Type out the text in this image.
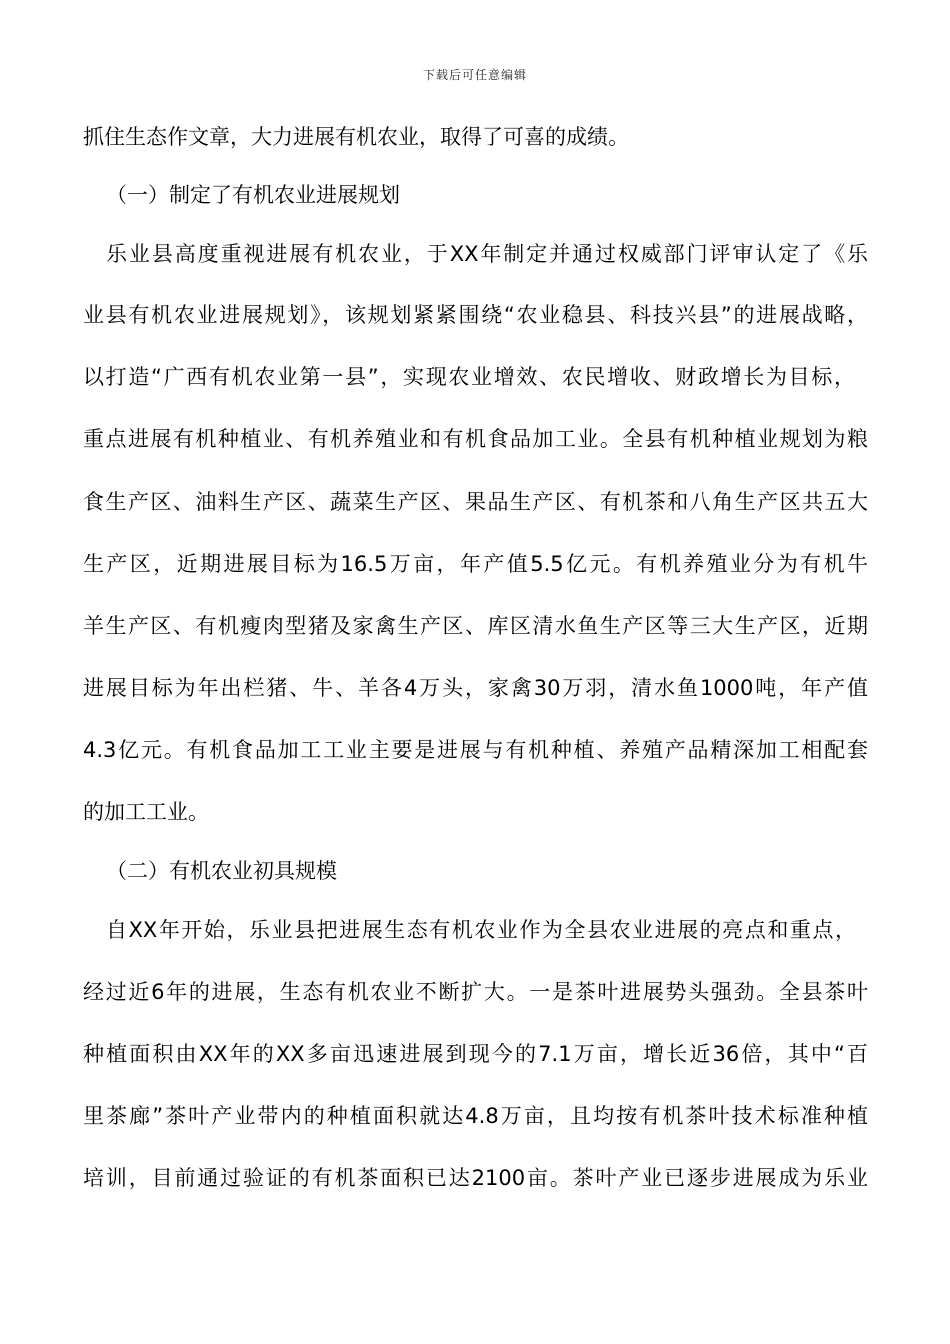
下载后可任意编辑
抓住生态作文章，大力进展有机农业，取得了可喜的成绩。
（一）制定了有机农业进展规划
乐业县高度重视进展有机农业，于XX年制定并通过权威部门评审认定了《乐
业县有机农业进展规划》，该规划紧紧围绕“农业稳县、科技兴县”的进展战略，
以打造“广西有机农业第一县”，实现农业增效、农民增收、财政增长为目标，
重点进展有机种植业、有机养殖业和有机食品加工业。全县有机种植业规划为粮
食生产区、油料生产区、蔬菜生产区、果品生产区、有机茶和八角生产区共五大
生产区，近期进展目标为16.5万亩，年产值5.5亿元。有机养殖业分为有机牛
羊生产区、有机瘦肉型猪及家禽生产区、库区清水鱼生产区等三大生产区，近期
进展目标为年出栏猪、牛、羊各4万头，家禽30万羽，清水鱼1000吨，年产值
4.3亿元。有机食品加工工业主要是进展与有机种植、养殖产品精深加工相配套
的加工工业。
（二）有机农业初具规模
自XX年开始，乐业县把进展生态有机农业作为全县农业进展的亮点和重点，
经过近6年的进展，生态有机农业不断扩大。一是茶叶进展势头强劲。全县茶叶
种植面积由XX年的XX多亩迅速进展到现今的7.1万亩，增长近36倍，其中“百
里茶廊”茶叶产业带内的种植面积就达4.8万亩，且均按有机茶叶技术标准种植
培训，目前通过验证的有机茶面积已达2100亩。茶叶产业已逐步进展成为乐业
